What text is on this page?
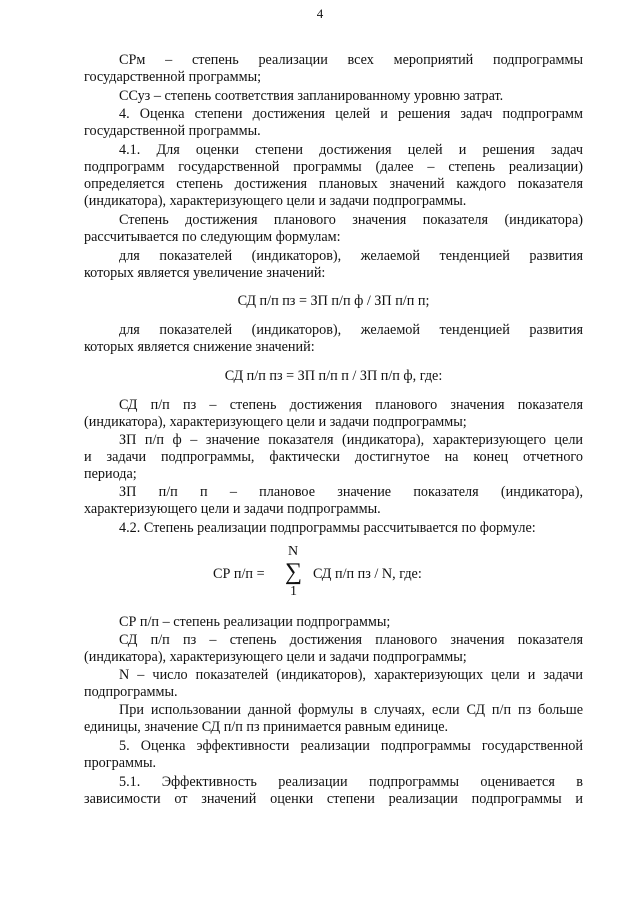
4
СРм – степень реализации всех мероприятий подпрограммы
государственной программы;
ССуз – степень соответствия запланированному уровню затрат.
4. Оценка степени достижения целей и решения задач подпрограмм
государственной программы.
4.1. Для оценки степени достижения целей и решения задач
подпрограмм государственной программы (далее – степень реализации)
определяется степень достижения плановых значений каждого показателя
(индикатора), характеризующего цели и задачи подпрограммы.
Степень достижения планового значения показателя (индикатора)
рассчитывается по следующим формулам:
для показателей (индикаторов), желаемой тенденцией развития
которых является увеличение значений:
СД п/п пз = ЗП п/п ф / ЗП п/п п;
для показателей (индикаторов), желаемой тенденцией развития
которых является снижение значений:
СД п/п пз = ЗП п/п п / ЗП п/п ф, где:
СД п/п пз – степень достижения планового значения показателя
(индикатора), характеризующего цели и задачи подпрограммы;
ЗП п/п ф – значение показателя (индикатора), характеризующего цели
и задачи подпрограммы, фактически достигнутое на конец отчетного
периода;
ЗП п/п п – плановое значение показателя (индикатора),
характеризующего цели и задачи подпрограммы.
4.2. Степень реализации подпрограммы рассчитывается по формуле:
СР п/п =
N
∑
1
СД п/п пз / N, где:
СР п/п – степень реализации подпрограммы;
СД п/п пз – степень достижения планового значения показателя
(индикатора), характеризующего цели и задачи подпрограммы;
N – число показателей (индикаторов), характеризующих цели и задачи
подпрограммы.
При использовании данной формулы в случаях, если СД п/п пз больше
единицы, значение СД п/п пз принимается равным единице.
5. Оценка эффективности реализации подпрограммы государственной
программы.
5.1. Эффективность реализации подпрограммы оценивается в
зависимости от значений оценки степени реализации подпрограммы и
